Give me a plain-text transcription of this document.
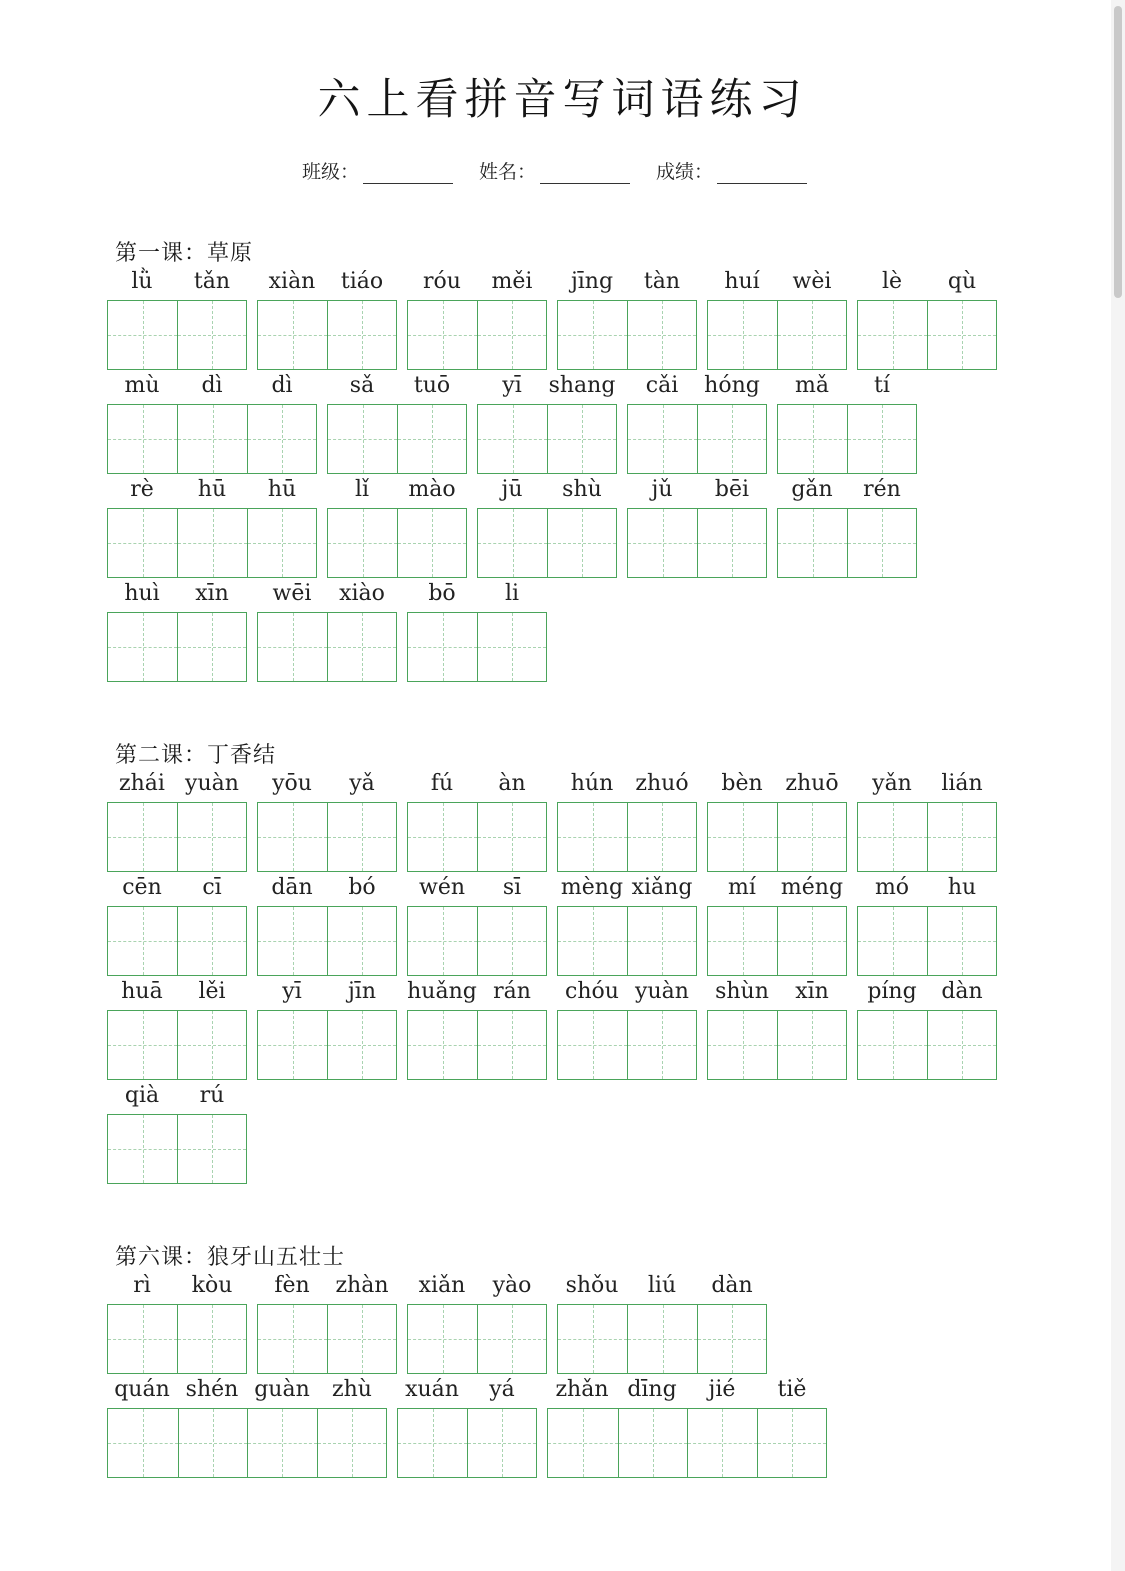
六上看拼音写词语练习
班级：	姓名：	成绩：
第一课：草原
lǜ	tǎn	xiàn	tiáo	róu	měi	jīng	tàn	huí	wèi	lè	qù
mù	dì	dì	sǎ	tuō	yī	shang	cǎi	hóng	mǎ	tí
rè	hū	hū	lǐ	mào	jū	shù	jǔ	bēi	gǎn	rén
huì	xīn	wēi	xiào	bō	li
第二课：丁香结
zhái yuàn	yōu	yǎ	fú	àn	hún	zhuó	bèn	zhuō	yǎn	lián
cēn	cī	dān	bó	wén	sī	mèng xiǎng	mí	méng	mó	hu
huā	lěi	yī	jīn	huǎng rán	chóu yuàn	shùn	xīn	píng	dàn
qià	rú
第六课：狼牙山五壮士
rì	kòu	fèn	zhàn	xiǎn	yào	shǒu	liú	dàn
quán shén guàn	zhù	xuán	yá	zhǎn dīng	jié	tiě
